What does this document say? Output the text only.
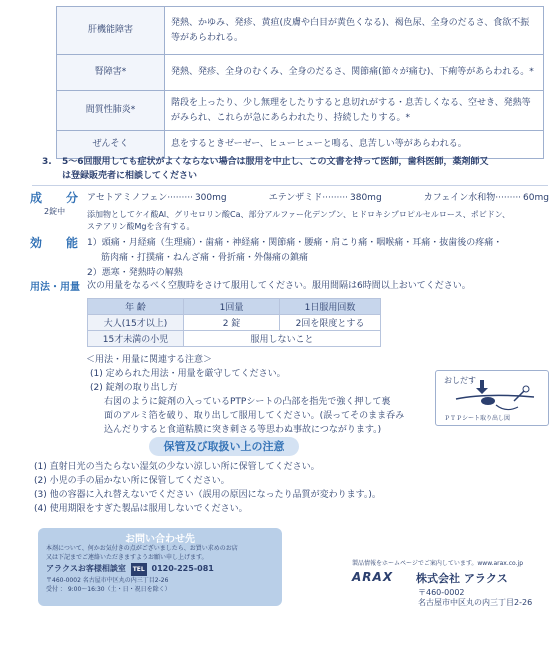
肝機能障害	発熱、かゆみ、発疹、黄疸(皮膚や白目が黄色くなる)、褐色尿、全身のだるさ、食欲不振等があらわれる。
腎障害*	発熱、発疹、全身のむくみ、全身のだるさ、関節痛(節々が痛む)、下痢等があらわれる。*
間質性肺炎*	階段を上ったり、少し無理をしたりすると息切れがする・息苦しくなる、空せき、発熱等がみられ、これらが急にあらわれたり、持続したりする。*
ぜんそく	息をするときゼーゼー、ヒューヒューと鳴る、息苦しい等があらわれる。
3. 5～6回服用しても症状がよくならない場合は服用を中止し、この文書を持って医師，歯科医師，薬剤師又
は登録販売者に相談してください
成　分
2錠中
アセトアミノフェン········· 300mg	エテンザミド········· 380mg	カフェイン水和物········· 60mg
添加物としてケイ酸Al、グリセロリン酸Ca、部分アルファー化デンプン、ヒドロキシプロピルセルロース、ポビドン、
ステアリン酸Mgを含有する。
効　能 1）頭痛・月経痛（生理痛）・歯痛・神経痛・関節痛・腰痛・肩こり痛・咽喉痛・耳痛・抜歯後の疼痛・
筋肉痛・打撲痛・ねんざ痛・骨折痛・外傷痛の鎮痛
2）悪寒・発熱時の解熱
用法・用量 次の用量をなるべく空腹時をさけて服用してください。服用間隔は6時間以上おいてください。
年 齢	1回量	1日服用回数
大人(15才以上)	2 錠	2回を限度とする
15才未満の小児	服用しないこと	
＜用法・用量に関連する注意＞
(1) 定められた用法・用量を厳守してください。
(2) 錠剤の取り出し方
右図のように錠剤の入っているPTPシートの凸部を指先で強く押して裏
面のアルミ箔を破り、取り出して服用してください。(誤ってそのまま呑み
込んだりすると食道粘膜に突き刺さる等思わぬ事故につながります。)
おしだす
ＰＴＰシート取り出し図
保管及び取扱い上の注意
(1) 直射日光の当たらない湿気の少ない涼しい所に保管してください。
(2) 小児の手の届かない所に保管してください。
(3) 他の容器に入れ替えないでください（誤用の原因になったり品質が変わります。)。
(4) 使用期限をすぎた製品は服用しないでください。
お問い合わせ先
本剤について、何かお気付きの点がございましたら、お買い求めのお店
又は下記までご連絡いただきますようお願い申し上げます。
アラクスお客様相談室 TEL 0120-225-081
〒460-0002 名古屋市中区丸の内三丁目2-26
受付 ： 9:00～16:30（土・日・祝日を除く）
製品情報をホームページでご案内しています。www.arax.co.jp
ARAX 株式会社 アラクス
〒460-0002
名古屋市中区丸の内三丁目2-26
